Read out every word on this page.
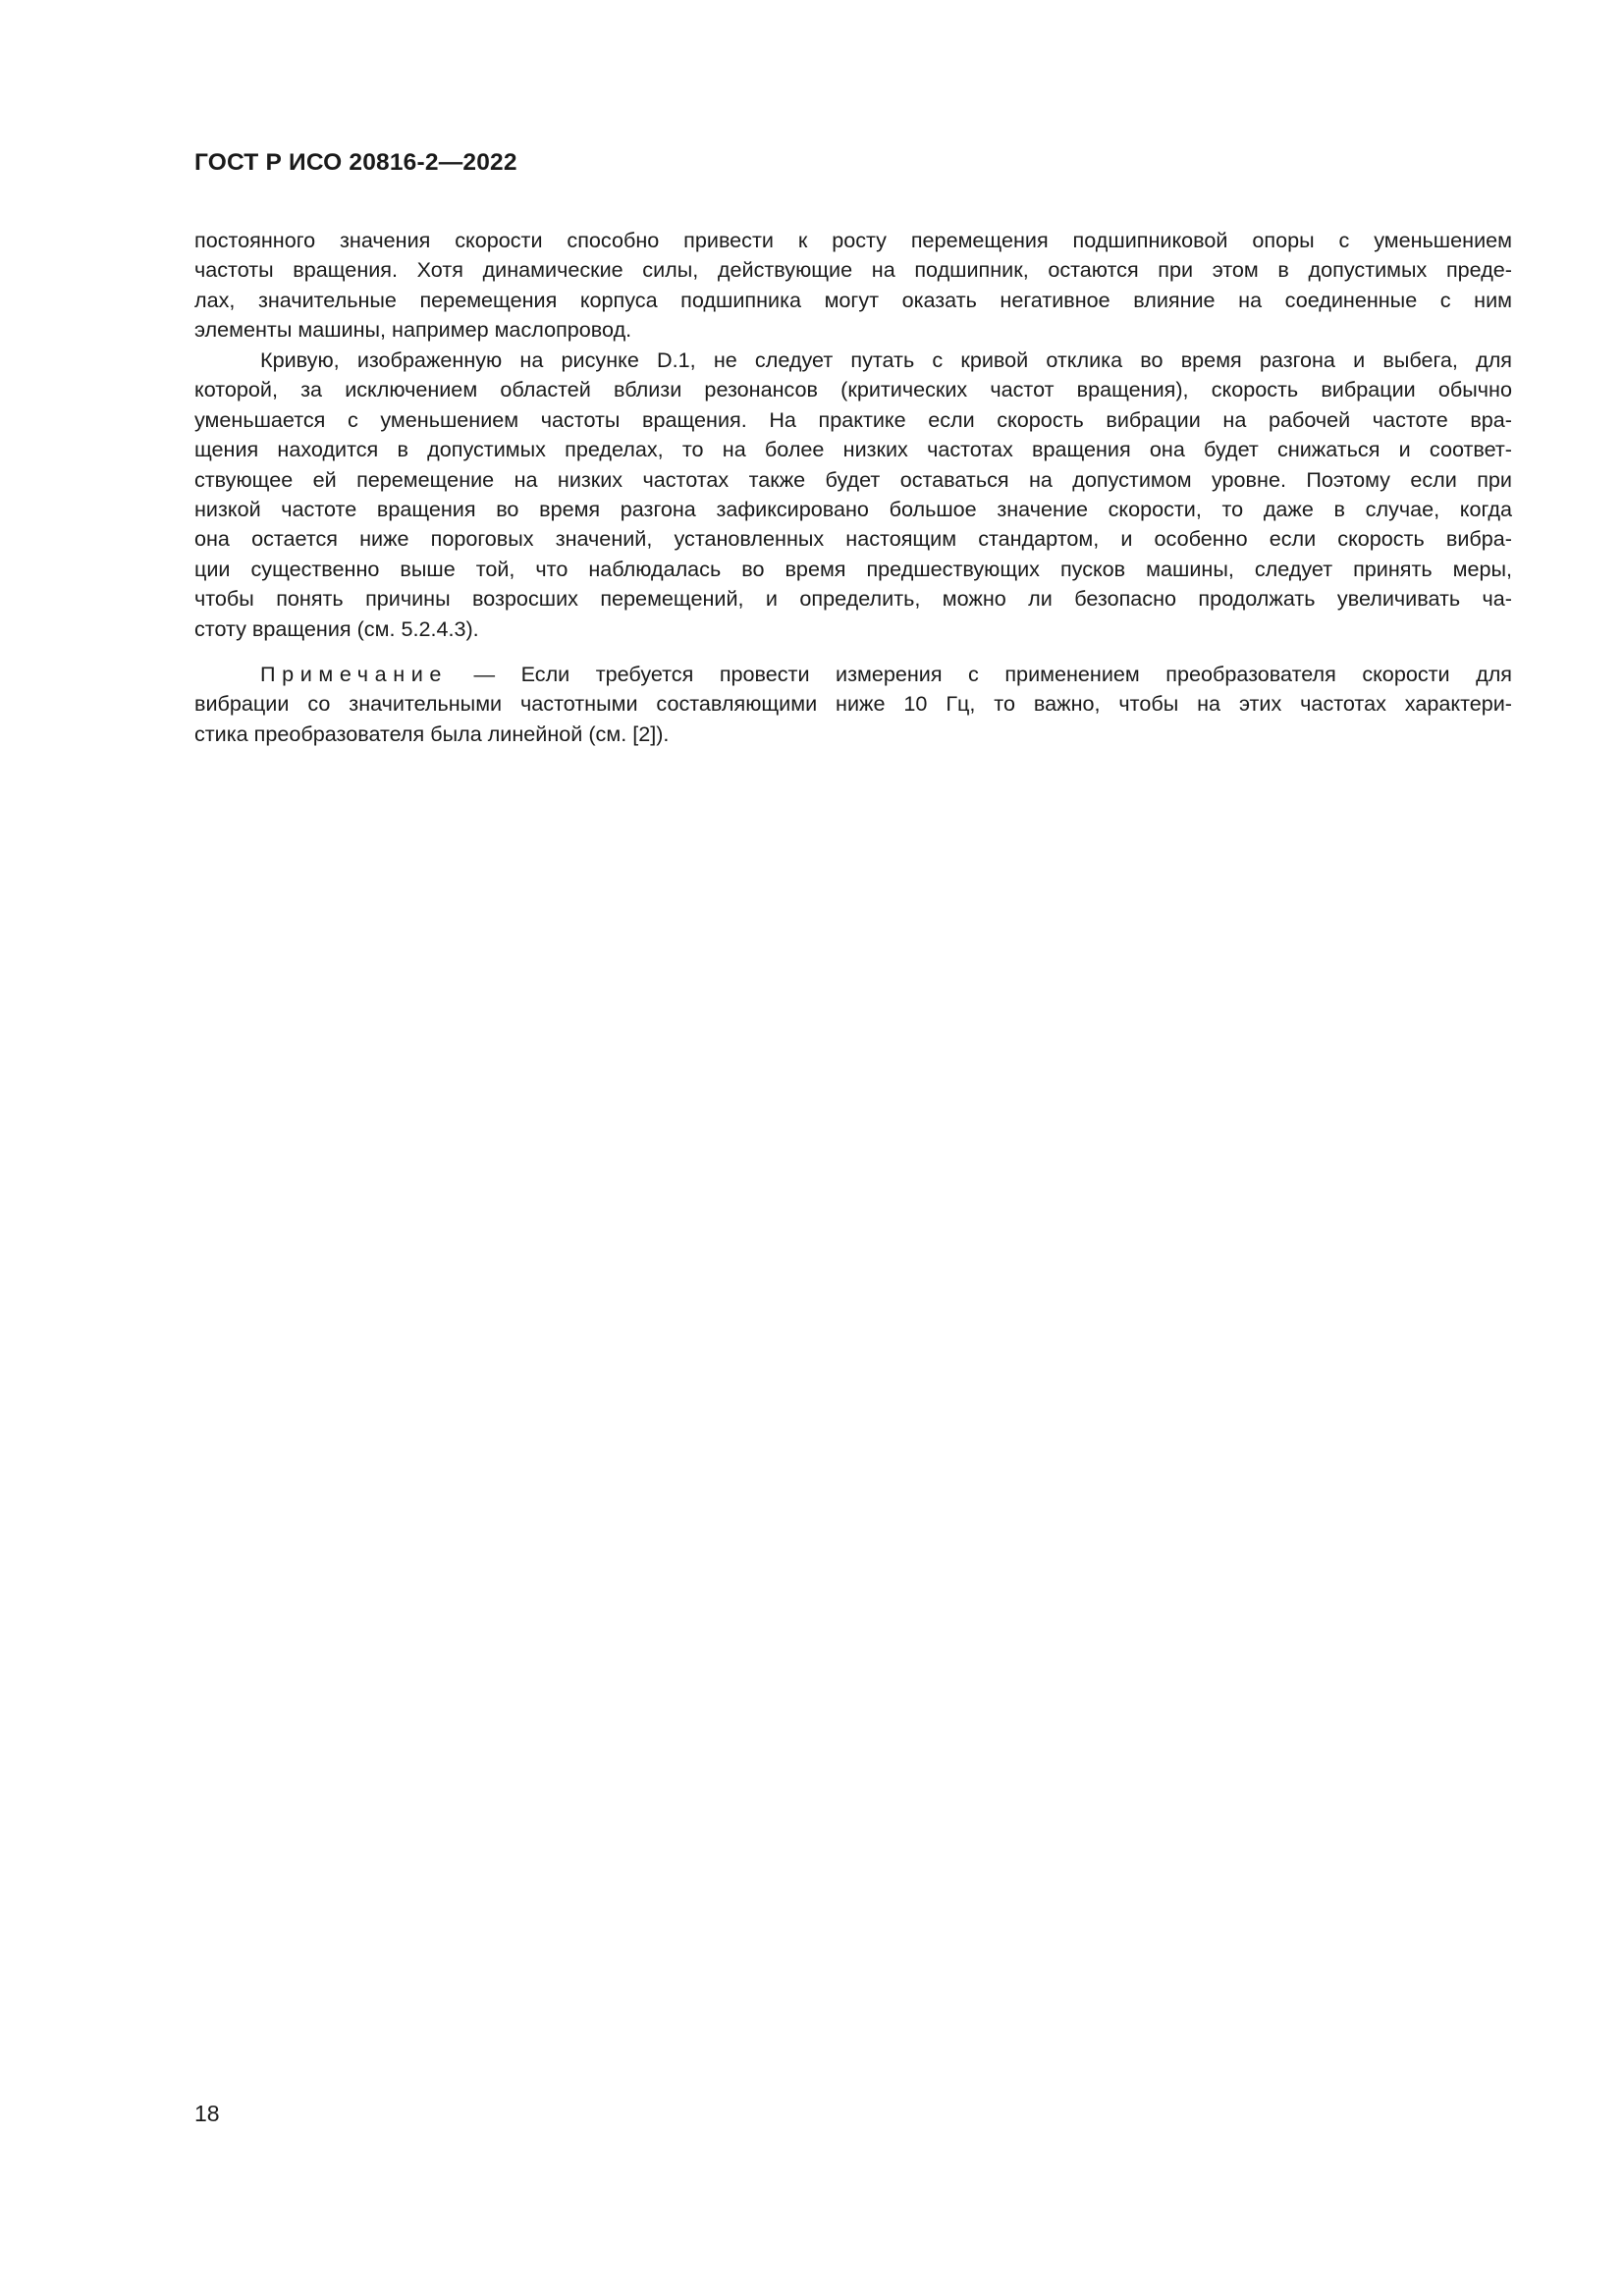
ГОСТ Р ИСО 20816-2—2022
постоянного значения скорости способно привести к росту перемещения подшипниковой опоры с уменьшением
частоты вращения. Хотя динамические силы, действующие на подшипник, остаются при этом в допустимых преде-
лах, значительные перемещения корпуса подшипника могут оказать негативное влияние на соединенные с ним
элементы машины, например маслопровод.
Кривую, изображенную на рисунке D.1, не следует путать с кривой отклика во время разгона и выбега, для
которой, за исключением областей вблизи резонансов (критических частот вращения), скорость вибрации обычно
уменьшается с уменьшением частоты вращения. На практике если скорость вибрации на рабочей частоте вра-
щения находится в допустимых пределах, то на более низких частотах вращения она будет снижаться и соответ-
ствующее ей перемещение на низких частотах также будет оставаться на допустимом уровне. Поэтому если при
низкой частоте вращения во время разгона зафиксировано большое значение скорости, то даже в случае, когда
она остается ниже пороговых значений, установленных настоящим стандартом, и особенно если скорость вибра-
ции существенно выше той, что наблюдалась во время предшествующих пусков машины, следует принять меры,
чтобы понять причины возросших перемещений, и определить, можно ли безопасно продолжать увеличивать ча-
стоту вращения (см. 5.2.4.3).
Примечание — Если требуется провести измерения с применением преобразователя скорости для
вибрации со значительными частотными составляющими ниже 10 Гц, то важно, чтобы на этих частотах характери-
стика преобразователя была линейной (см. [2]).
18
